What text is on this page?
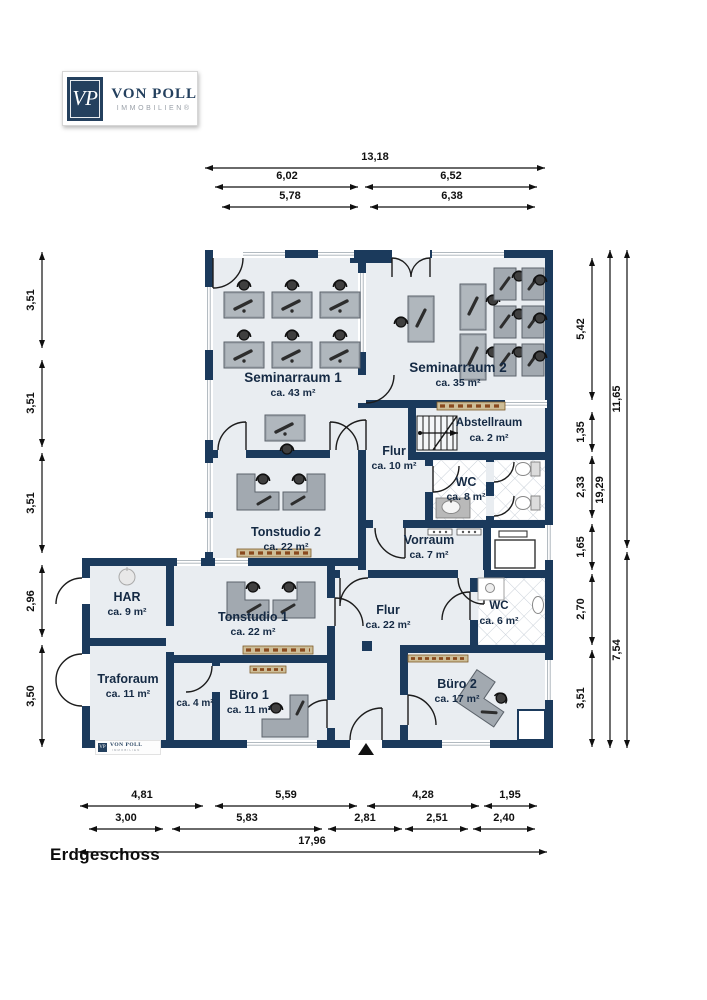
VP VON POLL
IMMOBILIEN®
13,18
6,02	6,52
5,78	6,38
3,51
3,51
3,51
2,96
3,50
5,42
1,35
2,33
1,65
2,70
3,51
19,29
11,65
7,54
4,81	5,59	4,28	1,95
3,00	5,83	2,81	2,51	2,40
17,96
Seminarraum 1
ca. 43 m²
Seminarraum 2
ca. 35 m²
Flur
ca. 10 m²
Abstellraum
ca. 2 m²
WC
ca. 8 m²
Tonstudio 2
ca. 22 m²	Vorraum
ca. 7 m²
HAR
ca. 9 m²
Traforaum
ca. 11 m²
Tonstudio 1
ca. 22 m²
ca. 4 m²
Büro 1
ca. 11 m²
Flur
ca. 22 m²
WC
ca. 6 m²
Büro 2
ca. 17 m²
VP VON POLL
IMMOBILIEN
Erdgeschoss
